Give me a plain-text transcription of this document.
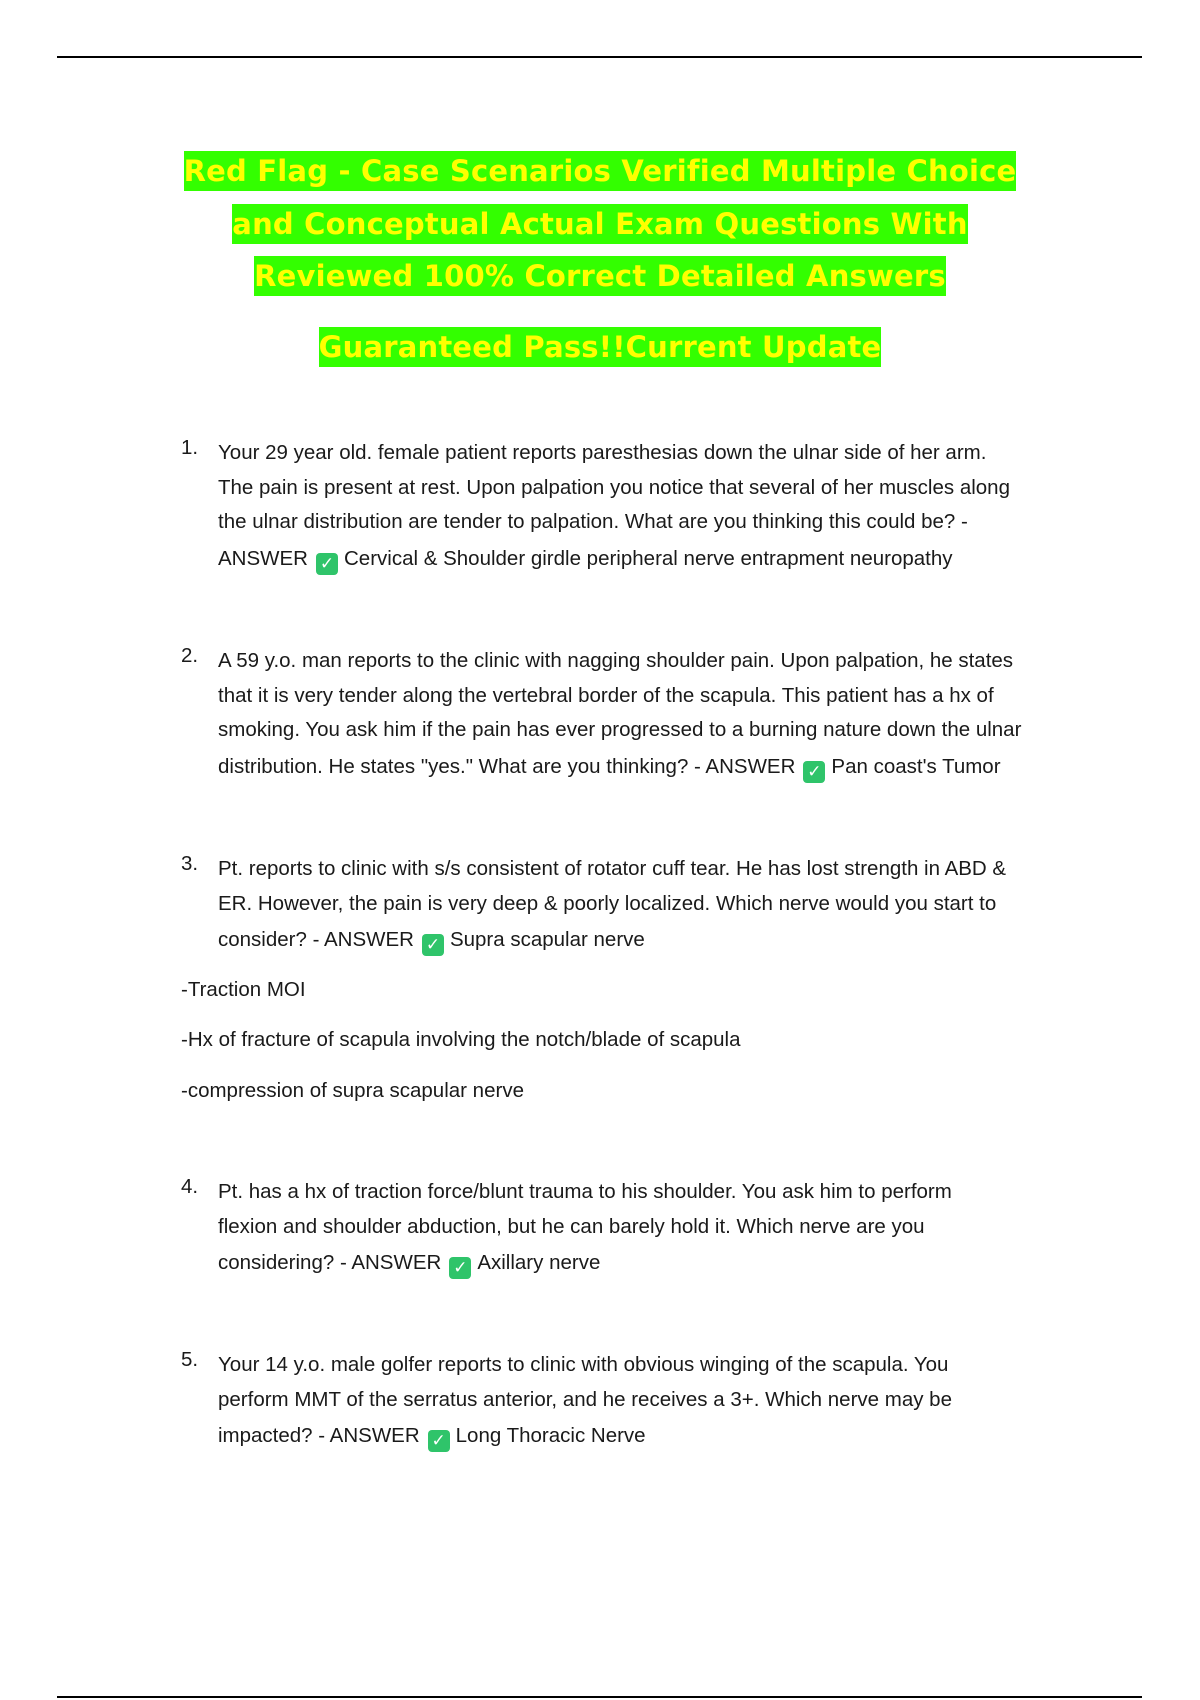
Red Flag - Case Scenarios Verified Multiple Choice
and Conceptual Actual Exam Questions With
Reviewed 100% Correct Detailed Answers
Guaranteed Pass!!Current Update
1. Your 29 year old. female patient reports paresthesias down the ulnar side of her arm.
The pain is present at rest. Upon palpation you notice that several of her muscles along
the ulnar distribution are tender to palpation. What are you thinking this could be? -
ANSWER ✓ Cervical & Shoulder girdle peripheral nerve entrapment neuropathy
2. A 59 y.o. man reports to the clinic with nagging shoulder pain. Upon palpation, he states
that it is very tender along the vertebral border of the scapula. This patient has a hx of
smoking. You ask him if the pain has ever progressed to a burning nature down the ulnar
distribution. He states "yes." What are you thinking? - ANSWER ✓ Pan coast's Tumor
3. Pt. reports to clinic with s/s consistent of rotator cuff tear. He has lost strength in ABD &
ER. However, the pain is very deep & poorly localized. Which nerve would you start to
consider? - ANSWER ✓ Supra scapular nerve
-Traction MOI
-Hx of fracture of scapula involving the notch/blade of scapula
-compression of supra scapular nerve
4. Pt. has a hx of traction force/blunt trauma to his shoulder. You ask him to perform
flexion and shoulder abduction, but he can barely hold it. Which nerve are you
considering? - ANSWER ✓ Axillary nerve
5. Your 14 y.o. male golfer reports to clinic with obvious winging of the scapula. You
perform MMT of the serratus anterior, and he receives a 3+. Which nerve may be
impacted? - ANSWER ✓ Long Thoracic Nerve
